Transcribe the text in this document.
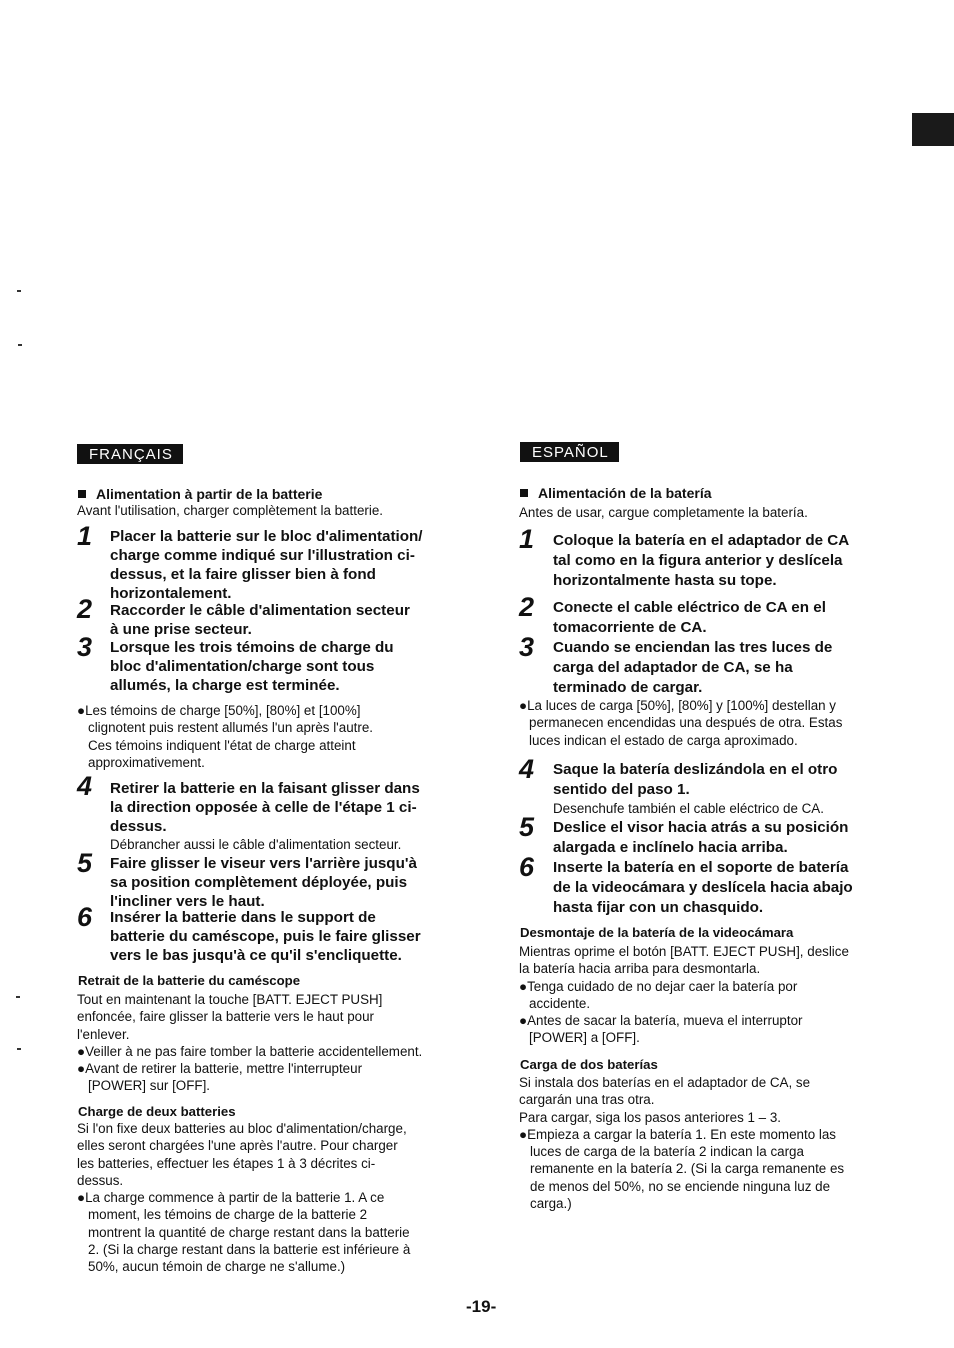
FRANÇAIS
Alimentation à partir de la batterie
Avant l'utilisation, charger complètement la batterie.
1 Placer la batterie sur le bloc d'alimentation/
charge comme indiqué sur l'illustration ci-
dessus, et la faire glisser bien à fond
horizontalement.
2 Raccorder le câble d'alimentation secteur
à une prise secteur.
3 Lorsque les trois témoins de charge du
bloc d'alimentation/charge sont tous
allumés, la charge est terminée.
●Les témoins de charge [50%], [80%] et [100%]
clignotent puis restent allumés l'un après l'autre.
Ces témoins indiquent l'état de charge atteint
approximativement.
4 Retirer la batterie en la faisant glisser dans
la direction opposée à celle de l'étape 1 ci-
dessus.
Débrancher aussi le câble d'alimentation secteur.
5 Faire glisser le viseur vers l'arrière jusqu'à
sa position complètement déployée, puis
l'incliner vers le haut.
6 Insérer la batterie dans le support de
batterie du caméscope, puis le faire glisser
vers le bas jusqu'à ce qu'il s'encliquette.
Retrait de la batterie du caméscope
Tout en maintenant la touche [BATT. EJECT PUSH]
enfoncée, faire glisser la batterie vers le haut pour
l'enlever.
●Veiller à ne pas faire tomber la batterie accidentellement.
●Avant de retirer la batterie, mettre l'interrupteur
[POWER] sur [OFF].
Charge de deux batteries
Si l'on fixe deux batteries au bloc d'alimentation/charge,
elles seront chargées l'une après l'autre. Pour charger
les batteries, effectuer les étapes 1 à 3 décrites ci-
dessus.
●La charge commence à partir de la batterie 1. A ce
moment, les témoins de charge de la batterie 2
montrent la quantité de charge restant dans la batterie
2. (Si la charge restant dans la batterie est inférieure à
50%, aucun témoin de charge ne s'allume.)
ESPAÑOL
Alimentación de la batería
Antes de usar, cargue completamente la batería.
1 Coloque la batería en el adaptador de CA
tal como en la figura anterior y deslícela
horizontalmente hasta su tope.
2 Conecte el cable eléctrico de CA en el
tomacorriente de CA.
3 Cuando se enciendan las tres luces de
carga del adaptador de CA, se ha
terminado de cargar.
●La luces de carga [50%], [80%] y [100%] destellan y
permanecen encendidas una después de otra. Estas
luces indican el estado de carga aproximado.
4 Saque la batería deslizándola en el otro
sentido del paso 1.
Desenchufe también el cable eléctrico de CA.
5 Deslice el visor hacia atrás a su posición
alargada e inclínelo hacia arriba.
6 Inserte la batería en el soporte de batería
de la videocámara y deslícela hacia abajo
hasta fijar con un chasquido.
Desmontaje de la batería de la videocámara
Mientras oprime el botón [BATT. EJECT PUSH], deslice
la batería hacia arriba para desmontarla.
●Tenga cuidado de no dejar caer la batería por
accidente.
●Antes de sacar la batería, mueva el interruptor
[POWER] a [OFF].
Carga de dos baterías
Si instala dos baterías en el adaptador de CA, se
cargarán una tras otra.
Para cargar, siga los pasos anteriores 1 – 3.
●Empieza a cargar la batería 1. En este momento las
luces de carga de la batería 2 indican la carga
remanente en la batería 2. (Si la carga remanente es
de menos del 50%, no se enciende ninguna luz de
carga.)
-19-
